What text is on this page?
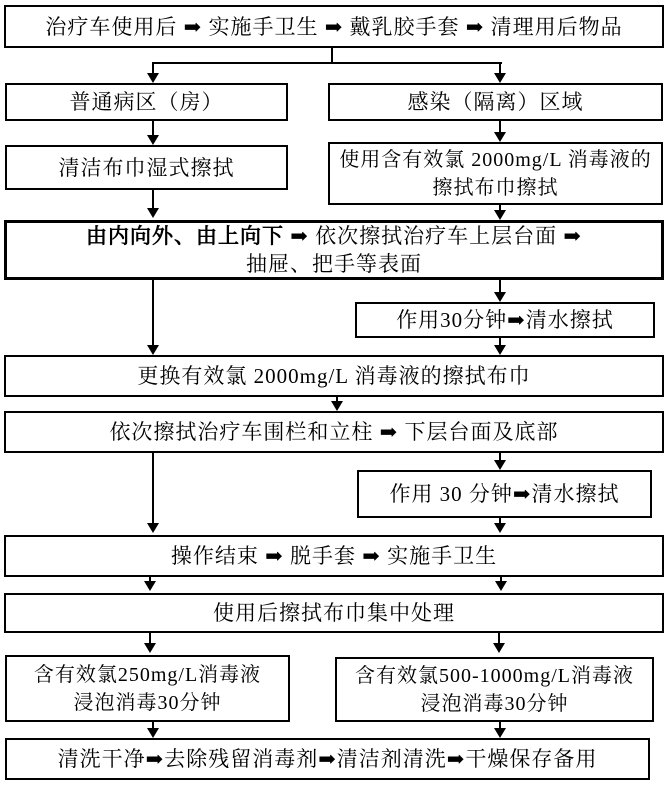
治疗车使用后 ➡ 实施手卫生 ➡ 戴乳胶手套 ➡ 清理用后物品
普通病区（房）	感染（隔离）区域
清洁布巾湿式擦拭	使用含有效氯 2000mg/L 消毒液的
擦拭布巾擦拭
由内向外、由上向下 ➡ 依次擦拭治疗车上层台面 ➡
抽屉、把手等表面
作用30分钟➡清水擦拭
更换有效氯 2000mg/L 消毒液的擦拭布巾
依次擦拭治疗车围栏和立柱 ➡ 下层台面及底部
作用 30 分钟➡清水擦拭
操作结束 ➡ 脱手套 ➡ 实施手卫生
使用后擦拭布巾集中处理
含有效氯250mg/L消毒液
浸泡消毒30分钟
含有效氯500-1000mg/L消毒液
浸泡消毒30分钟
清洗干净➡去除残留消毒剂➡清洁剂清洗➡干燥保存备用
